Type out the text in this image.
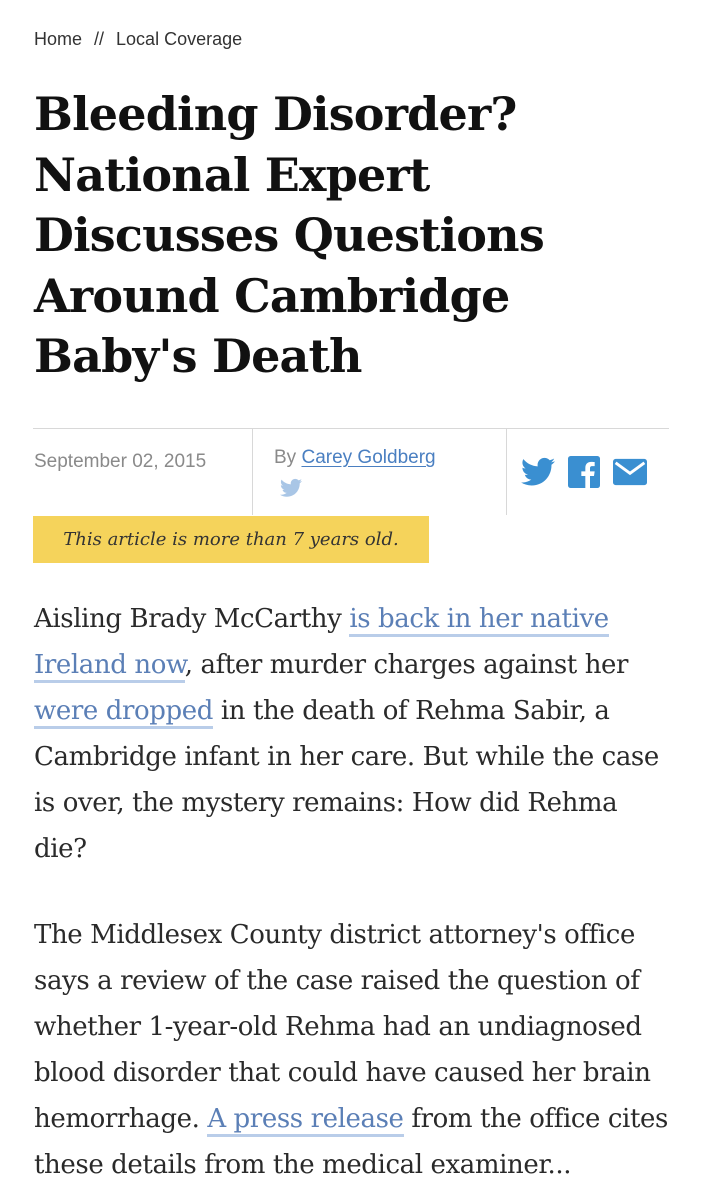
Home // Local Coverage
Bleeding Disorder? National Expert Discusses Questions Around Cambridge Baby's Death
September 02, 2015	By Carey Goldberg
This article is more than 7 years old.

Aisling Brady McCarthy is back in her native Ireland now, after murder charges against her were dropped in the death of Rehma Sabir, a Cambridge infant in her care. But while the case is over, the mystery remains: How did Rehma die?

The Middlesex County district attorney's office says a review of the case raised the question of whether 1-year-old Rehma had an undiagnosed blood disorder that could have caused her brain hemorrhage. A press release from the office cites these details from the medical examiner...
